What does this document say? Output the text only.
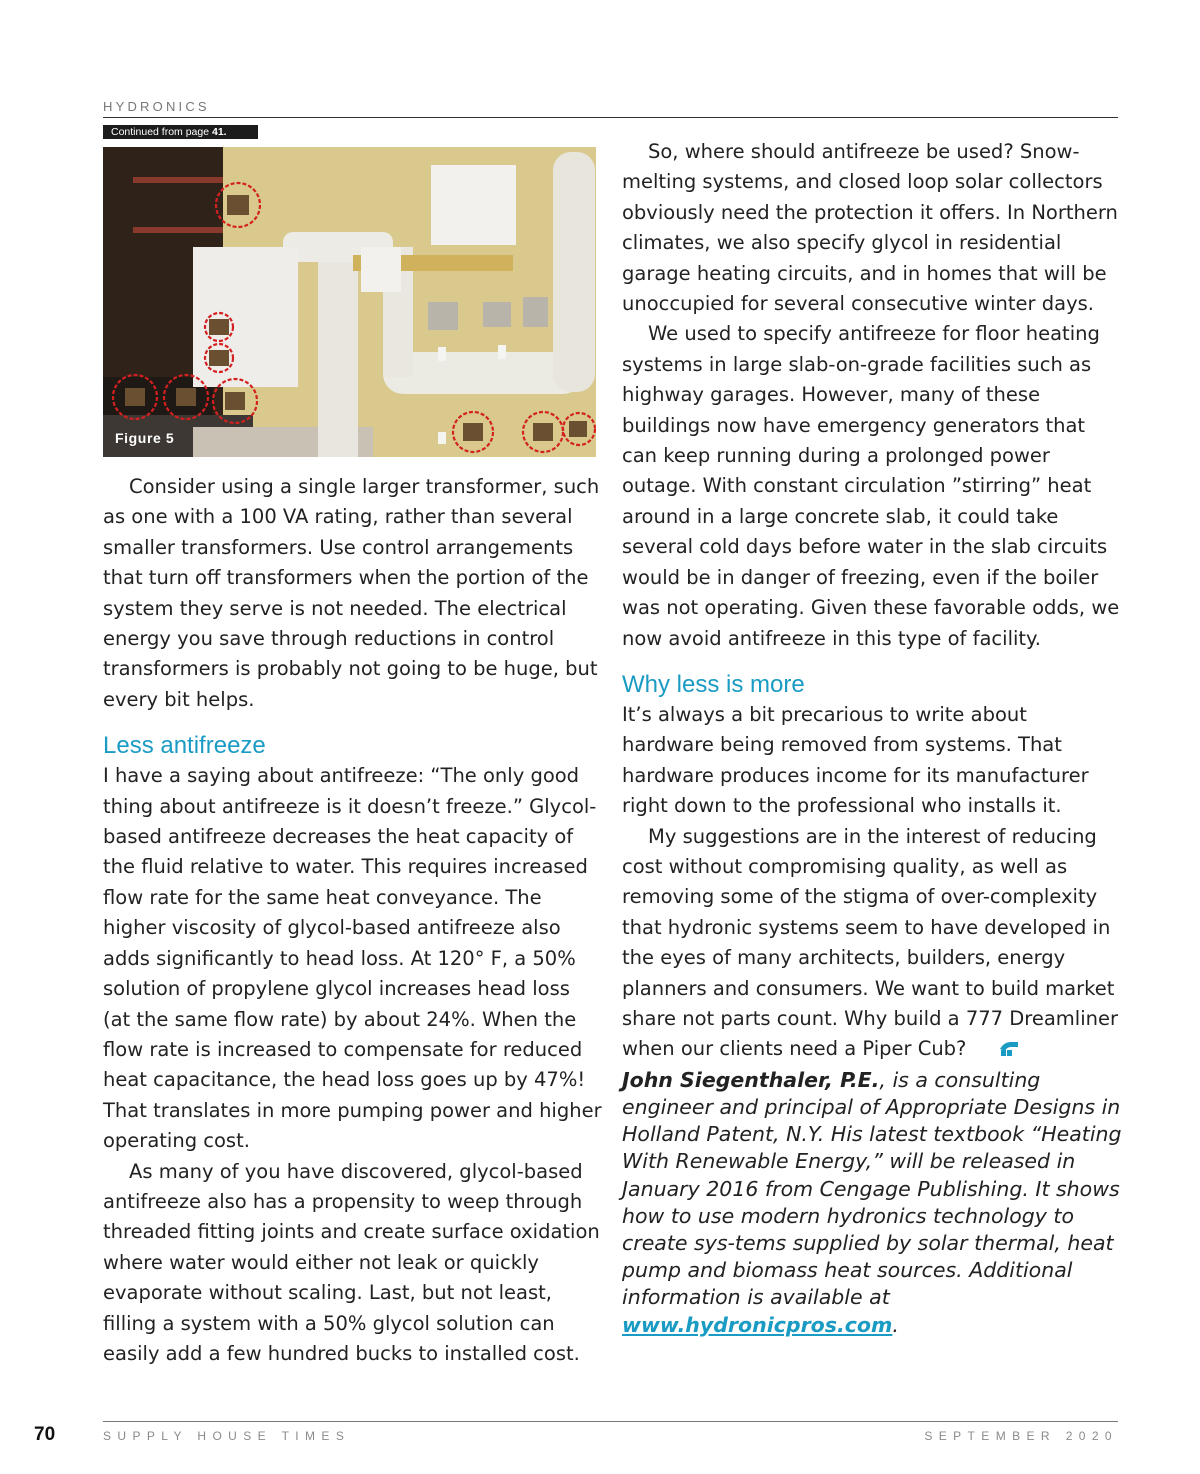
HYDRONICS
Continued from page 41.
Figure 5

Consider using a single larger transformer, such as one with a 100 VA rating, rather than several smaller transformers. Use control arrangements that turn off transformers when the portion of the system they serve is not needed. The electrical energy you save through reductions in control transformers is probably not going to be huge, but every bit helps.

Less antifreeze

I have a saying about antifreeze: “The only good thing about antifreeze is it doesn’t freeze.” Glycol-based antifreeze decreases the heat capacity of the fluid relative to water. This requires increased flow rate for the same heat conveyance. The higher viscosity of glycol-based antifreeze also adds significantly to head loss. At 120° F, a 50% solution of propylene glycol increases head loss (at the same flow rate) by about 24%. When the flow rate is increased to compensate for reduced heat capacitance, the head loss goes up by 47%! That translates in more pumping power and higher operating cost.

As many of you have discovered, glycol-based antifreeze also has a propensity to weep through threaded fitting joints and create surface oxidation where water would either not leak or quickly evaporate without scaling. Last, but not least, filling a system with a 50% glycol solution can easily add a few hundred bucks to installed cost.

So, where should antifreeze be used? Snow-melting systems, and closed loop solar collectors obviously need the protection it offers. In Northern climates, we also specify glycol in residential garage heating circuits, and in homes that will be unoccupied for several consecutive winter days.

We used to specify antifreeze for floor heating systems in large slab-on-grade facilities such as highway garages. However, many of these buildings now have emergency generators that can keep running during a prolonged power outage. With constant circulation ”stirring” heat around in a large concrete slab, it could take several cold days before water in the slab circuits would be in danger of freezing, even if the boiler was not operating. Given these favorable odds, we now avoid antifreeze in this type of facility.

Why less is more

It’s always a bit precarious to write about hardware being removed from systems. That hardware produces income for its manufacturer right down to the professional who installs it.

My suggestions are in the interest of reducing cost without compromising quality, as well as removing some of the stigma of over-complexity that hydronic systems seem to have developed in the eyes of many architects, builders, energy planners and consumers. We want to build market share not parts count. Why build a 777 Dreamliner when our clients need a Piper Cub?

John Siegenthaler, P.E., is a consulting engineer and principal of Appropriate Designs in Holland Patent, N.Y. His latest textbook “Heating With Renewable Energy,” will be released in January 2016 from Cengage Publishing. It shows how to use modern hydronics technology to create sys-tems supplied by solar thermal, heat pump and biomass heat sources. Additional information is available at www.hydronicpros.com.

70	SUPPLY HOUSE TIMES	SEPTEMBER 2020
